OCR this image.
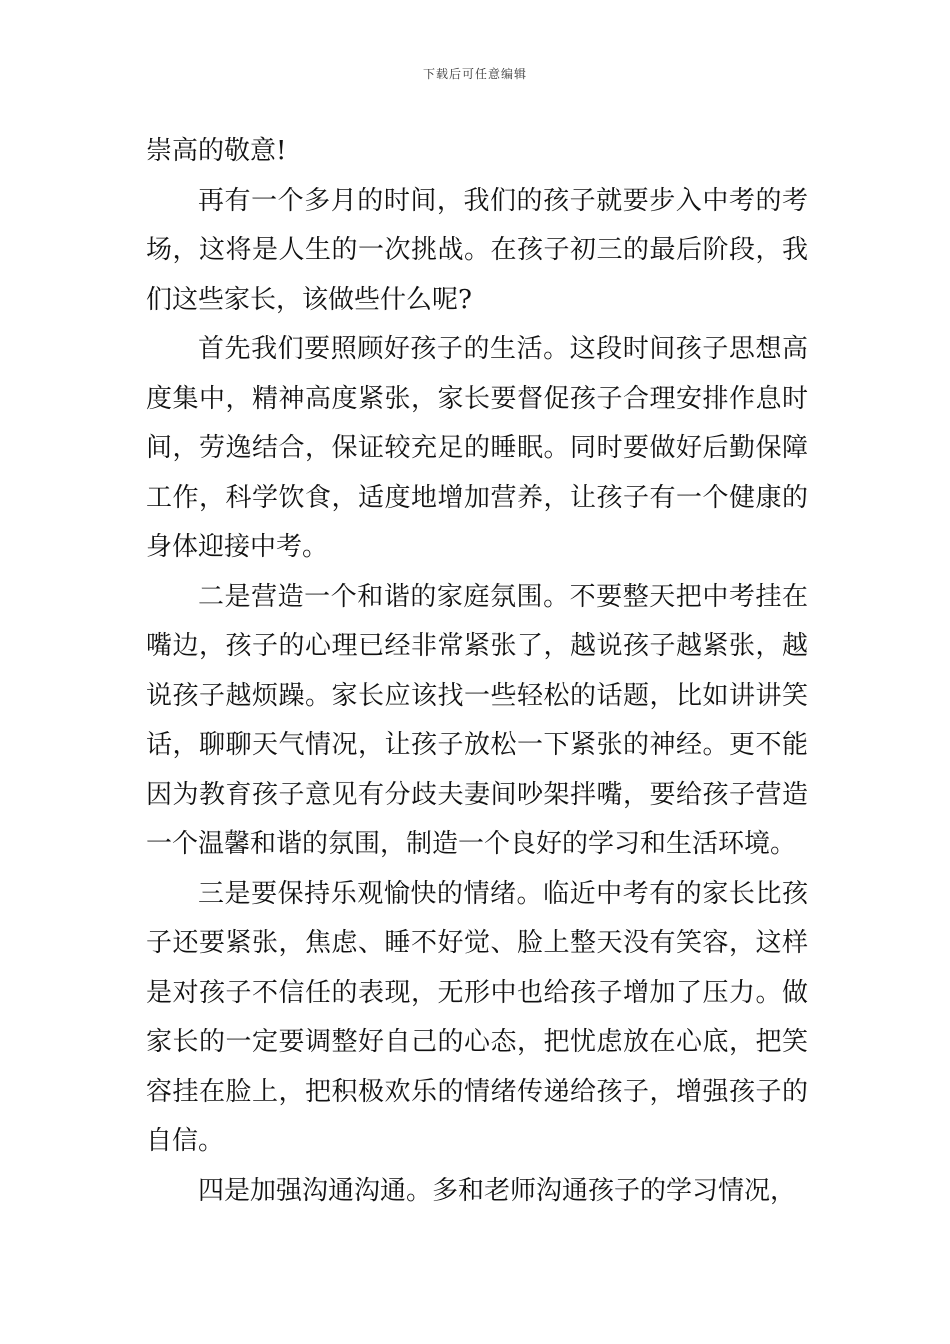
下载后可任意编辑

崇高的敬意!

再有一个多月的时间，我们的孩子就要步入中考的考场，这将是人生的一次挑战。在孩子初三的最后阶段，我们这些家长，该做些什么呢?

首先我们要照顾好孩子的生活。这段时间孩子思想高度集中，精神高度紧张，家长要督促孩子合理安排作息时间，劳逸结合，保证较充足的睡眠。同时要做好后勤保障工作，科学饮食，适度地增加营养，让孩子有一个健康的身体迎接中考。

二是营造一个和谐的家庭氛围。不要整天把中考挂在嘴边，孩子的心理已经非常紧张了，越说孩子越紧张，越说孩子越烦躁。家长应该找一些轻松的话题，比如讲讲笑话，聊聊天气情况，让孩子放松一下紧张的神经。更不能因为教育孩子意见有分歧夫妻间吵架拌嘴，要给孩子营造一个温馨和谐的氛围，制造一个良好的学习和生活环境。

三是要保持乐观愉快的情绪。临近中考有的家长比孩子还要紧张，焦虑、睡不好觉、脸上整天没有笑容，这样是对孩子不信任的表现，无形中也给孩子增加了压力。做家长的一定要调整好自己的心态，把忧虑放在心底，把笑容挂在脸上，把积极欢乐的情绪传递给孩子，增强孩子的自信。

四是加强沟通沟通。多和老师沟通孩子的学习情况，
